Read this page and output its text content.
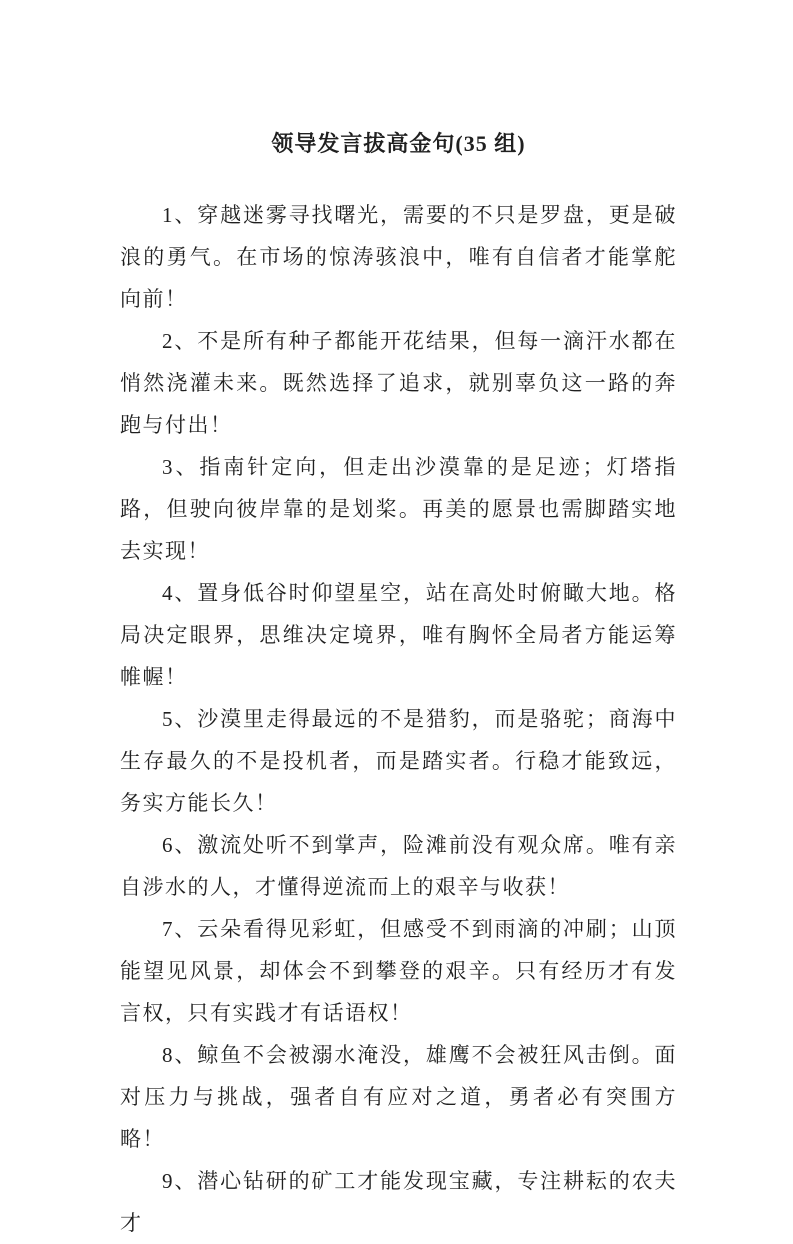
领导发言拔高金句(35 组)

1、穿越迷雾寻找曙光，需要的不只是罗盘，更是破浪的勇气。在市场的惊涛骇浪中，唯有自信者才能掌舵向前！

2、不是所有种子都能开花结果，但每一滴汗水都在悄然浇灌未来。既然选择了追求，就别辜负这一路的奔跑与付出！

3、指南针定向，但走出沙漠靠的是足迹；灯塔指路，但驶向彼岸靠的是划桨。再美的愿景也需脚踏实地去实现！

4、置身低谷时仰望星空，站在高处时俯瞰大地。格局决定眼界，思维决定境界，唯有胸怀全局者方能运筹帷幄！

5、沙漠里走得最远的不是猎豹，而是骆驼；商海中生存最久的不是投机者，而是踏实者。行稳才能致远，务实方能长久！

6、激流处听不到掌声，险滩前没有观众席。唯有亲自涉水的人，才懂得逆流而上的艰辛与收获！

7、云朵看得见彩虹，但感受不到雨滴的冲刷；山顶能望见风景，却体会不到攀登的艰辛。只有经历才有发言权，只有实践才有话语权！

8、鲸鱼不会被溺水淹没，雄鹰不会被狂风击倒。面对压力与挑战，强者自有应对之道，勇者必有突围方略！

9、潜心钻研的矿工才能发现宝藏，专注耕耘的农夫才
